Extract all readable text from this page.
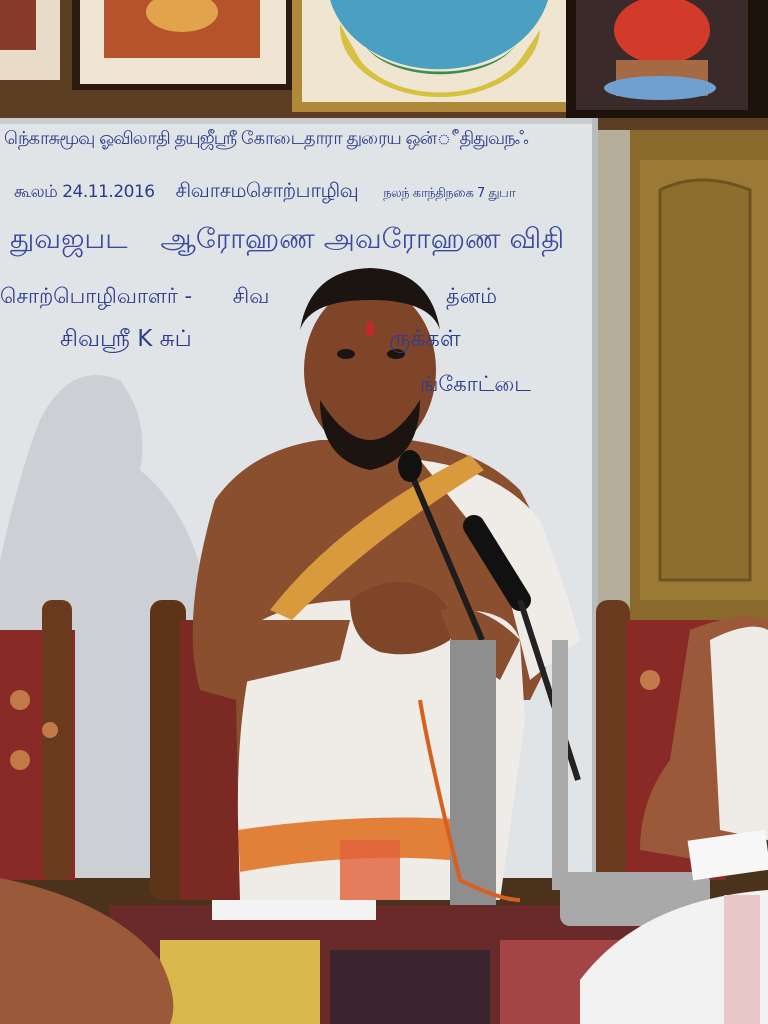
நெ்காசுமூவு ஓவிலாதி தயுஜீஸ்ரீ கோடைதாரா துரைய ஒன்ீதிதுவநஃ
கூலம் 24.11.2016 சிவாசமசொற்பாழிவு நலந் காந்திநகை 7 துபா
துவஜபட ஆரோஹண அவரோஹண விதி
சொற்பொழிவாளர் - சிவ	த்னம்
சிவஸ்ரீ K சுப்	ருக்கள்
ங்கோட்டை
